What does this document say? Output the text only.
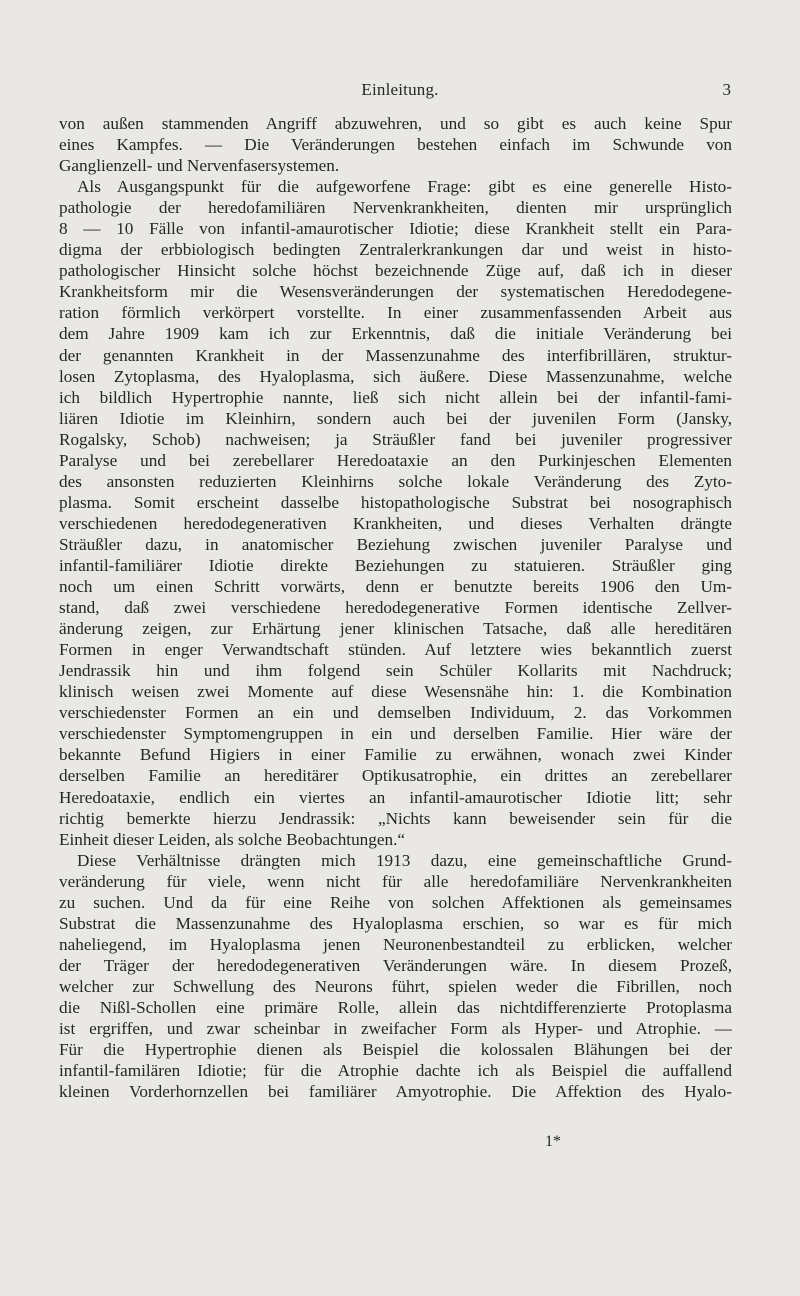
Einleitung.	3
von außen stammenden Angriff abzuwehren, und so gibt es auch keine Spur
eines Kampfes. — Die Veränderungen bestehen einfach im Schwunde von
Ganglienzell- und Nervenfasersystemen.
Als Ausgangspunkt für die aufgeworfene Frage: gibt es eine generelle Histo-
pathologie der heredofamiliären Nervenkrankheiten, dienten mir ursprünglich
8 — 10 Fälle von infantil-amaurotischer Idiotie; diese Krankheit stellt ein Para-
digma der erbbiologisch bedingten Zentralerkrankungen dar und weist in histo-
pathologischer Hinsicht solche höchst bezeichnende Züge auf, daß ich in dieser
Krankheitsform mir die Wesensveränderungen der systematischen Heredodegene-
ration förmlich verkörpert vorstellte. In einer zusammenfassenden Arbeit aus
dem Jahre 1909 kam ich zur Erkenntnis, daß die initiale Veränderung bei
der genannten Krankheit in der Massenzunahme des interfibrillären, struktur-
losen Zytoplasma, des Hyaloplasma, sich äußere. Diese Massenzunahme, welche
ich bildlich Hypertrophie nannte, ließ sich nicht allein bei der infantil-fami-
liären Idiotie im Kleinhirn, sondern auch bei der juvenilen Form (Jansky,
Rogalsky, Schob) nachweisen; ja Sträußler fand bei juveniler progressiver
Paralyse und bei zerebellarer Heredoataxie an den Purkinjeschen Elementen
des ansonsten reduzierten Kleinhirns solche lokale Veränderung des Zyto-
plasma. Somit erscheint dasselbe histopathologische Substrat bei nosographisch
verschiedenen heredodegenerativen Krankheiten, und dieses Verhalten drängte
Sträußler dazu, in anatomischer Beziehung zwischen juveniler Paralyse und
infantil-familiärer Idiotie direkte Beziehungen zu statuieren. Sträußler ging
noch um einen Schritt vorwärts, denn er benutzte bereits 1906 den Um-
stand, daß zwei verschiedene heredodegenerative Formen identische Zellver-
änderung zeigen, zur Erhärtung jener klinischen Tatsache, daß alle hereditären
Formen in enger Verwandtschaft stünden. Auf letztere wies bekanntlich zuerst
Jendrassik hin und ihm folgend sein Schüler Kollarits mit Nachdruck;
klinisch weisen zwei Momente auf diese Wesensnähe hin: 1. die Kombination
verschiedenster Formen an ein und demselben Individuum, 2. das Vorkommen
verschiedenster Symptomengruppen in ein und derselben Familie. Hier wäre der
bekannte Befund Higiers in einer Familie zu erwähnen, wonach zwei Kinder
derselben Familie an hereditärer Optikusatrophie, ein drittes an zerebellarer
Heredoataxie, endlich ein viertes an infantil-amaurotischer Idiotie litt; sehr
richtig bemerkte hierzu Jendrassik: „Nichts kann beweisender sein für die
Einheit dieser Leiden, als solche Beobachtungen.“
Diese Verhältnisse drängten mich 1913 dazu, eine gemeinschaftliche Grund-
veränderung für viele, wenn nicht für alle heredofamiliäre Nervenkrankheiten
zu suchen. Und da für eine Reihe von solchen Affektionen als gemeinsames
Substrat die Massenzunahme des Hyaloplasma erschien, so war es für mich
naheliegend, im Hyaloplasma jenen Neuronenbestandteil zu erblicken, welcher
der Träger der heredodegenerativen Veränderungen wäre. In diesem Prozeß,
welcher zur Schwellung des Neurons führt, spielen weder die Fibrillen, noch
die Nißl-Schollen eine primäre Rolle, allein das nichtdifferenzierte Protoplasma
ist ergriffen, und zwar scheinbar in zweifacher Form als Hyper- und Atrophie. —
Für die Hypertrophie dienen als Beispiel die kolossalen Blähungen bei der
infantil-familären Idiotie; für die Atrophie dachte ich als Beispiel die auffallend
kleinen Vorderhornzellen bei familiärer Amyotrophie. Die Affektion des Hyalo-
1*
